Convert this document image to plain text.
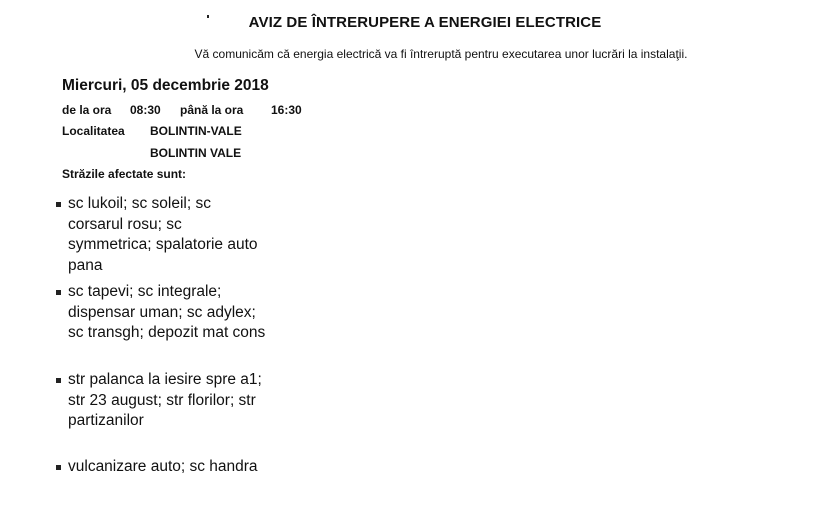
AVIZ DE ÎNTRERUPERE A ENERGIEI ELECTRICE
Vă comunicăm că energia electrică va fi întreruptă pentru executarea unor lucrări la instalaţii.
Miercuri, 05 decembrie 2018
de la ora 08:30 până la ora 16:30
Localitatea BOLINTIN-VALE
BOLINTIN VALE
Străzile afectate sunt:
sc lukoil; sc soleil; sc corsarul rosu; sc symmetrica; spalatorie auto pana
sc tapevi; sc integrale; dispensar uman; sc adylex; sc transgh; depozit mat cons
str palanca la iesire spre a1; str 23 august; str florilor; str partizanilor
vulcanizare auto; sc handra
